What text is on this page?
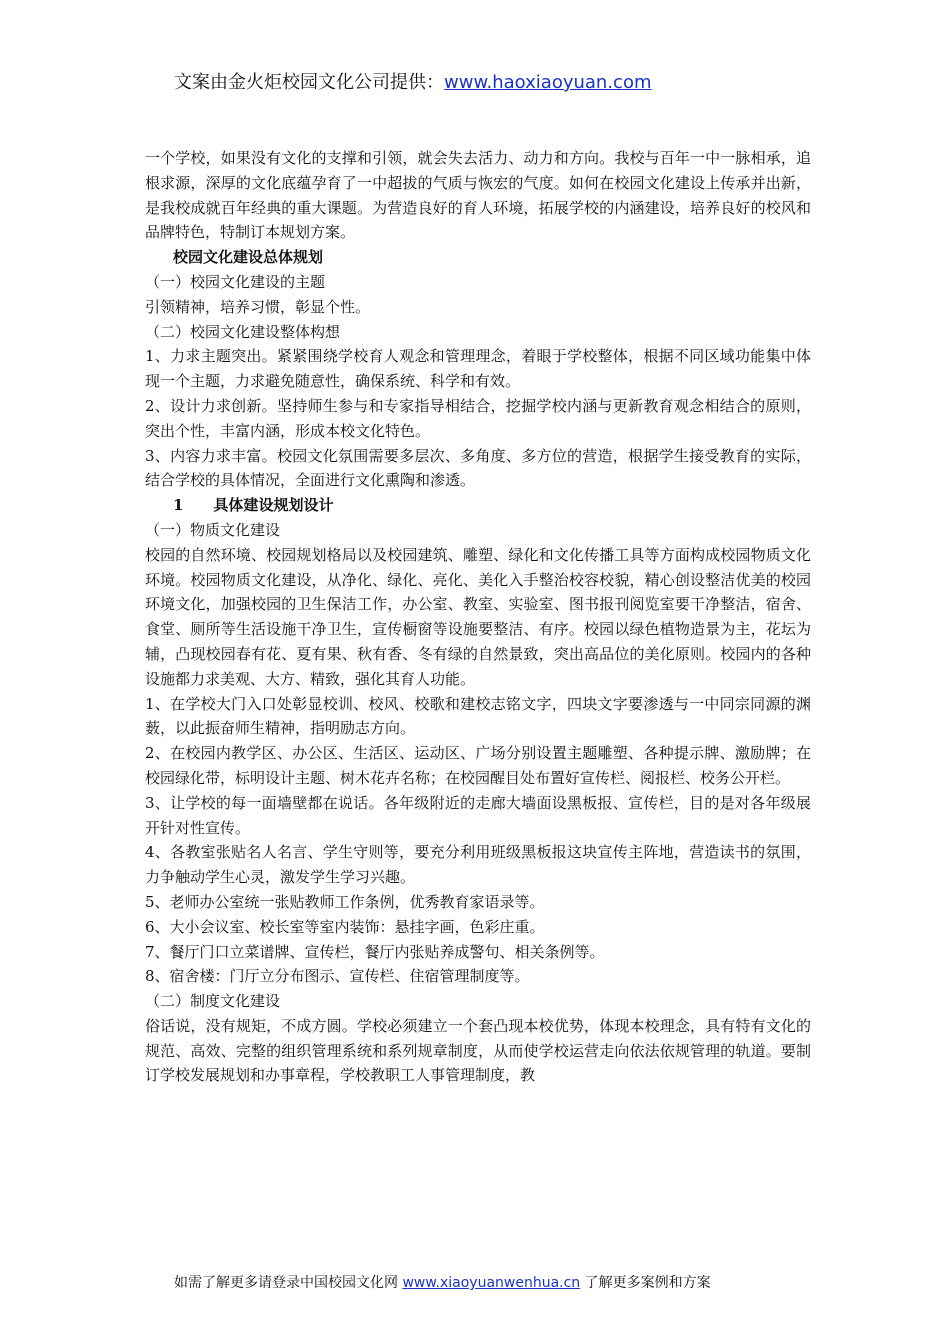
文案由金火炬校园文化公司提供：www.haoxiaoyuan.com

一个学校，如果没有文化的支撑和引领，就会失去活力、动力和方向。我校与百年一中一脉相承，追根求源，深厚的文化底蕴孕育了一中超拔的气质与恢宏的气度。如何在校园文化建设上传承并出新，是我校成就百年经典的重大课题。为营造良好的育人环境，拓展学校的内涵建设，培养良好的校风和品牌特色，特制订本规划方案。

校园文化建设总体规划

（一）校园文化建设的主题

引领精神，培养习惯，彰显个性。

（二）校园文化建设整体构想

1、力求主题突出。紧紧围绕学校育人观念和管理理念，着眼于学校整体，根据不同区域功能集中体现一个主题，力求避免随意性，确保系统、科学和有效。

2、设计力求创新。坚持师生参与和专家指导相结合，挖掘学校内涵与更新教育观念相结合的原则，突出个性，丰富内涵，形成本校文化特色。

3、内容力求丰富。校园文化氛围需要多层次、多角度、多方位的营造，根据学生接受教育的实际，结合学校的具体情况，全面进行文化熏陶和渗透。

1　　具体建设规划设计

（一）物质文化建设

校园的自然环境、校园规划格局以及校园建筑、雕塑、绿化和文化传播工具等方面构成校园物质文化环境。校园物质文化建设，从净化、绿化、亮化、美化入手整治校容校貌，精心创设整洁优美的校园环境文化，加强校园的卫生保洁工作，办公室、教室、实验室、图书报刊阅览室要干净整洁，宿舍、食堂、厕所等生活设施干净卫生，宣传橱窗等设施要整洁、有序。校园以绿色植物造景为主，花坛为辅，凸现校园春有花、夏有果、秋有香、冬有绿的自然景致，突出高品位的美化原则。校园内的各种设施都力求美观、大方、精致，强化其育人功能。

1、在学校大门入口处彰显校训、校风、校歌和建校志铭文字，四块文字要渗透与一中同宗同源的渊薮，以此振奋师生精神，指明励志方向。

2、在校园内教学区、办公区、生活区、运动区、广场分别设置主题雕塑、各种提示牌、激励牌；在校园绿化带，标明设计主题、树木花卉名称；在校园醒目处布置好宣传栏、阅报栏、校务公开栏。

3、让学校的每一面墙壁都在说话。各年级附近的走廊大墙面设黑板报、宣传栏，目的是对各年级展开针对性宣传。

4、各教室张贴名人名言、学生守则等，要充分利用班级黑板报这块宣传主阵地，营造读书的氛围，力争触动学生心灵，激发学生学习兴趣。

5、老师办公室统一张贴教师工作条例，优秀教育家语录等。

6、大小会议室、校长室等室内装饰：悬挂字画，色彩庄重。

7、餐厅门口立菜谱牌、宣传栏，餐厅内张贴养成警句、相关条例等。

8、宿舍楼：门厅立分布图示、宣传栏、住宿管理制度等。

（二）制度文化建设

俗话说，没有规矩，不成方圆。学校必须建立一个套凸现本校优势，体现本校理念，具有特有文化的规范、高效、完整的组织管理系统和系列规章制度，从而使学校运营走向依法依规管理的轨道。要制订学校发展规划和办事章程，学校教职工人事管理制度，教

如需了解更多请登录中国校园文化网 www.xiaoyuanwenhua.cn 了解更多案例和方案
